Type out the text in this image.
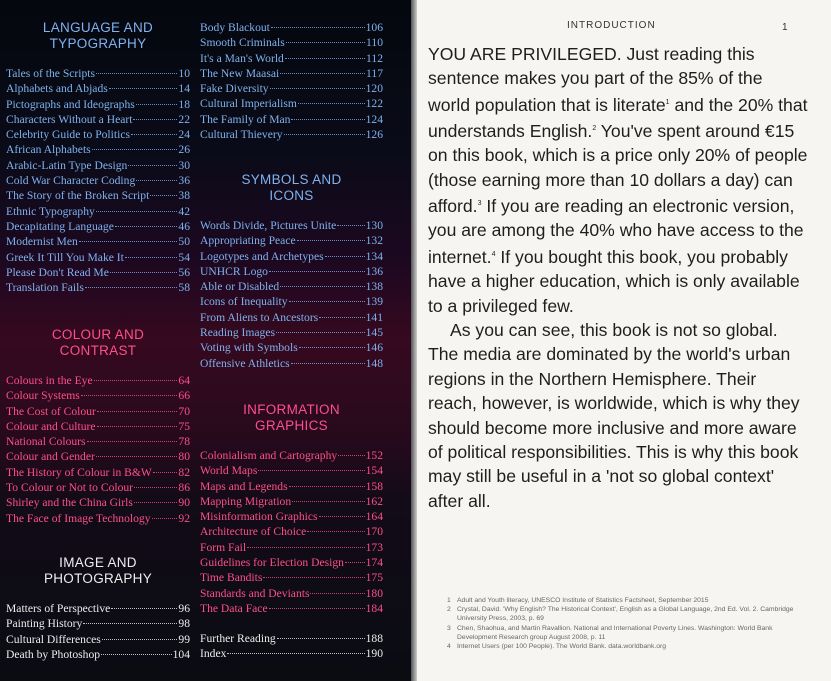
LANGUAGE AND
TYPOGRAPHY
Tales of the Scripts	10
Alphabets and Abjads	14
Pictographs and Ideographs	18
Characters Without a Heart	22
Celebrity Guide to Politics	24
African Alphabets	26
Arabic-Latin Type Design	30
Cold War Character Coding	36
The Story of the Broken Script	38
Ethnic Typography	42
Decapitating Language	46
Modernist Men	50
Greek It Till You Make It	54
Please Don't Read Me	56
Translation Fails	58
COLOUR AND
CONTRAST
Colours in the Eye	64
Colour Systems	66
The Cost of Colour	70
Colour and Culture	75
National Colours	78
Colour and Gender	80
The History of Colour in B&W 82
To Colour or Not to Colour	86
Shirley and the China Girls	90
The Face of Image Technology 92
IMAGE AND
PHOTOGRAPHY
Matters of Perspective	96
Painting History	98
Cultural Differences	99
Death by Photoshop	104
Body Blackout	106
Smooth Criminals	110
It's a Man's World	112
The New Maasai	117
Fake Diversity	120
Cultural Imperialism	122
The Family of Man	124
Cultural Thievery	126
SYMBOLS AND
ICONS
Words Divide, Pictures Unite	130
Appropriating Peace	132
Logotypes and Archetypes	134
UNHCR Logo	136
Able or Disabled	138
Icons of Inequality	139
From Aliens to Ancestors	141
Reading Images	145
Voting with Symbols	146
Offensive Athletics	148
INFORMATION
GRAPHICS
Colonialism and Cartography 152
World Maps	154
Maps and Legends	158
Mapping Migration	162
Misinformation Graphics	164
Architecture of Choice	170
Form Fail	173
Guidelines for Election Design 174
Time Bandits	175
Standards and Deviants	180
The Data Face	184
Further Reading	188
Index	190
INTRODUCTION	1

YOU ARE PRIVILEGED. Just reading this sentence makes you part of the 85% of the world population that is literate$^1$ and the 20% that understands English.$^2$ You've spent around €15 on this book, which is a price only 20% of people (those earning more than 10 dollars a day) can afford.$^3$ If you are reading an electronic version, you are among the 40% who have access to the internet.$^4$ If you bought this book, you probably have a higher education, which is only available to a privileged few.

As you can see, this book is not so global. The media are dominated by the world's urban regions in the Northern Hemisphere. Their reach, however, is worldwide, which is why they should become more inclusive and more aware of political responsibilities. This is why this book may still be useful in a 'not so global context' after all.

1 Adult and Youth literacy, UNESCO Institute of Statistics Factsheet, September 2015
2 Crystal, David. 'Why English? The Historical Context', English as a Global Language, 2nd Ed. Vol. 2. Cambridge University Press, 2003, p. 69
3 Chen, Shaohua, and Martin Ravallion. National and International Poverty Lines. Washington: World Bank Development Research group August 2008, p. 11
4 Internet Users (per 100 People). The World Bank. data.worldbank.org
